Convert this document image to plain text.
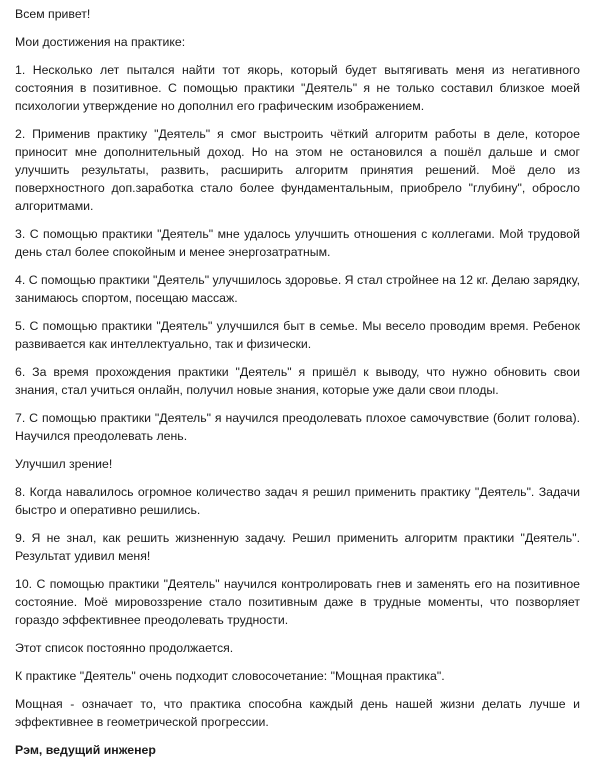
Всем привет!

Мои достижения на практике:

1. Несколько лет пытался найти тот якорь, который будет вытягивать меня из негативного состояния в позитивное. С помощью практики "Деятель" я не только составил близкое моей психологии утверждение но дополнил его графическим изображением.

2. Применив практику "Деятель" я смог выстроить чёткий алгоритм работы в деле, которое приносит мне дополнительный доход. Но на этом не остановился а пошёл дальше и смог улучшить результаты, развить, расширить алгоритм принятия решений. Моё дело из поверхностного доп.заработка стало более фундаментальным, приобрело "глубину", обросло алгоритмами.

3. С помощью практики "Деятель" мне удалось улучшить отношения с коллегами. Мой трудовой день стал более спокойным и менее энергозатратным.

4. С помощью практики "Деятель" улучшилось здоровье. Я стал стройнее на 12 кг. Делаю зарядку, занимаюсь спортом, посещаю массаж.

5. С помощью практики "Деятель" улучшился быт в семье. Мы весело проводим время. Ребенок развивается как интеллектуально, так и физически.

6. За время прохождения практики "Деятель" я пришёл к выводу, что нужно обновить свои знания, стал учиться онлайн, получил новые знания, которые уже дали свои плоды.

7. С помощью практики "Деятель" я научился преодолевать плохое самочувствие (болит голова). Научился преодолевать лень.

Улучшил зрение!

8. Когда навалилось огромное количество задач я решил применить практику "Деятель". Задачи быстро и оперативно решились.

9. Я не знал, как решить жизненную задачу. Решил применить алгоритм практики "Деятель". Результат удивил меня!

10. С помощью практики "Деятель" научился контролировать гнев и заменять его на позитивное состояние. Моё мировоззрение стало позитивным даже в трудные моменты, что позворляет гораздо эффективнее преодолевать трудности.

Этот список постоянно продолжается.

К практике "Деятель" очень подходит словосочетание: "Мощная практика".

Мощная - означает то, что практика способна каждый день нашей жизни делать лучше и эффективнее в геометрической прогрессии.

Рэм, ведущий инженер
